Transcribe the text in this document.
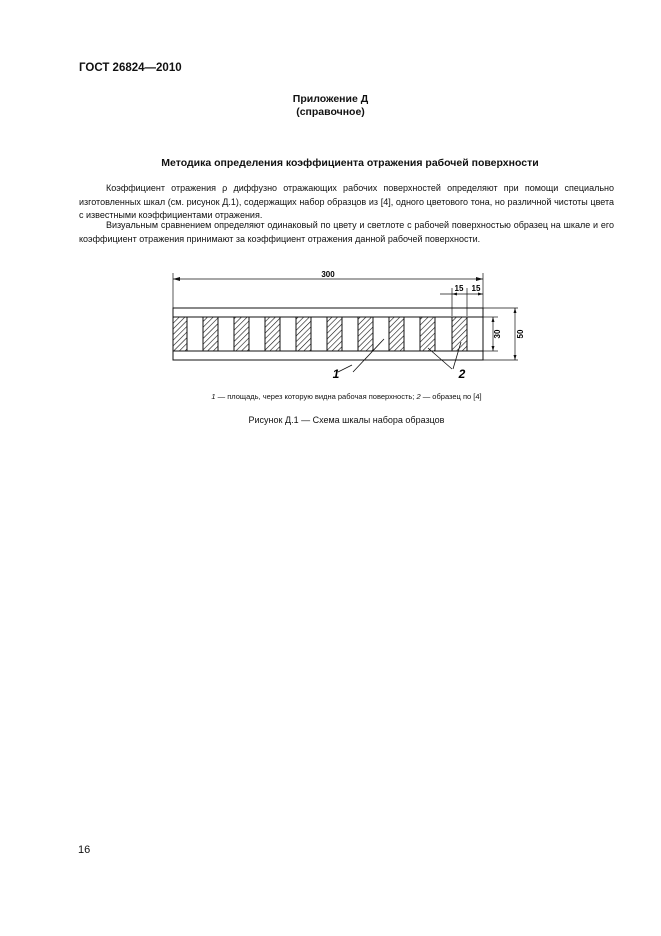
ГОСТ 26824—2010
Приложение Д
(справочное)
Методика определения коэффициента отражения рабочей поверхности

Коэффициент отражения ρ диффузно отражающих рабочих поверхностей определяют при помощи специально изготовленных шкал (см. рисунок Д.1), содержащих набор образцов из [4], одного цветового тона, но различной чистоты цвета с известными коэффициентами отражения.

Визуальным сравнением определяют одинаковый по цвету и светлоте с рабочей поверхностью образец на шкале и его коэффициент отражения принимают за коэффициент отражения данной рабочей поверхности.

300
15 15
30 50
1	2
1 — площадь, через которую видна рабочая поверхность; 2 — образец по [4]
Рисунок Д.1 — Схема шкалы набора образцов
16
